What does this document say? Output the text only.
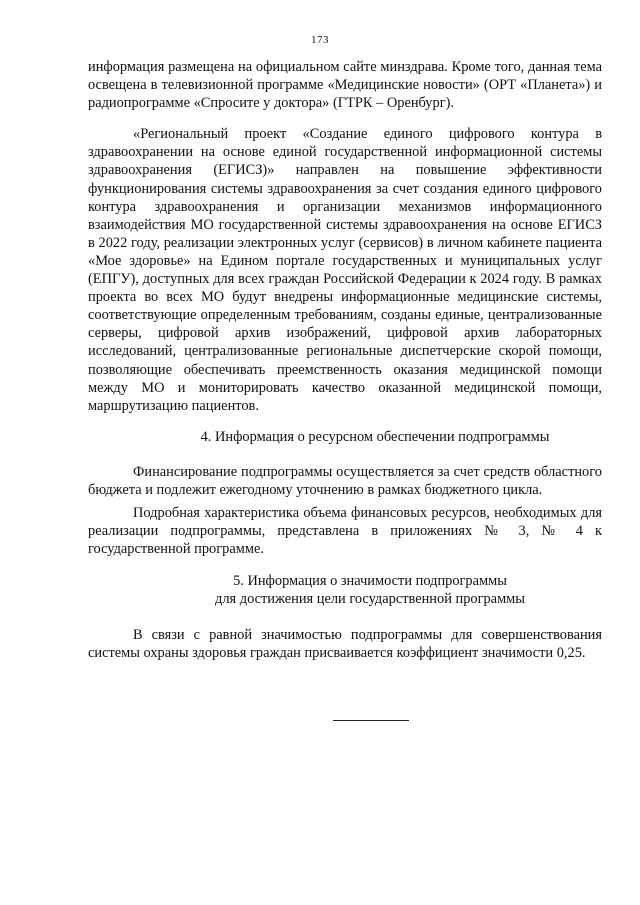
173

информация размещена на официальном сайте минздрава. Кроме того, данная тема освещена в телевизионной программе «Медицинские новости» (ОРТ «Планета») и радиопрограмме «Спросите у доктора» (ГТРК – Оренбург).

«Региональный проект «Создание единого цифрового контура в здравоохранении на основе единой государственной информационной системы здравоохранения (ЕГИСЗ)» направлен на повышение эффективности функционирования системы здравоохранения за счет создания единого цифрового контура здравоохранения и организации механизмов информационного взаимодействия МО государственной системы здравоохранения на основе ЕГИСЗ в 2022 году, реализации электронных услуг (сервисов) в личном кабинете пациента «Мое здоровье» на Едином портале государственных и муниципальных услуг (ЕПГУ), доступных для всех граждан Российской Федерации к 2024 году. В рамках проекта во всех МО будут внедрены информационные медицинские системы, соответствующие определенным требованиям, созданы единые, централизованные серверы, цифровой архив изображений, цифровой архив лабораторных исследований, централизованные региональные диспетчерские скорой помощи, позволяющие обеспечивать преемственность оказания медицинской помощи между МО и мониторировать качество оказанной медицинской помощи, маршрутизацию пациентов.

4. Информация о ресурсном обеспечении подпрограммы

Финансирование подпрограммы осуществляется за счет средств областного бюджета и подлежит ежегодному уточнению в рамках бюджетного цикла.

Подробная характеристика объема финансовых ресурсов, необходимых для реализации подпрограммы, представлена в приложениях № 3, № 4 к государственной программе.

5. Информация о значимости подпрограммы

для достижения цели государственной программы

В связи с равной значимостью подпрограммы для совершенствования системы охраны здоровья граждан присваивается коэффициент значимости 0,25.
